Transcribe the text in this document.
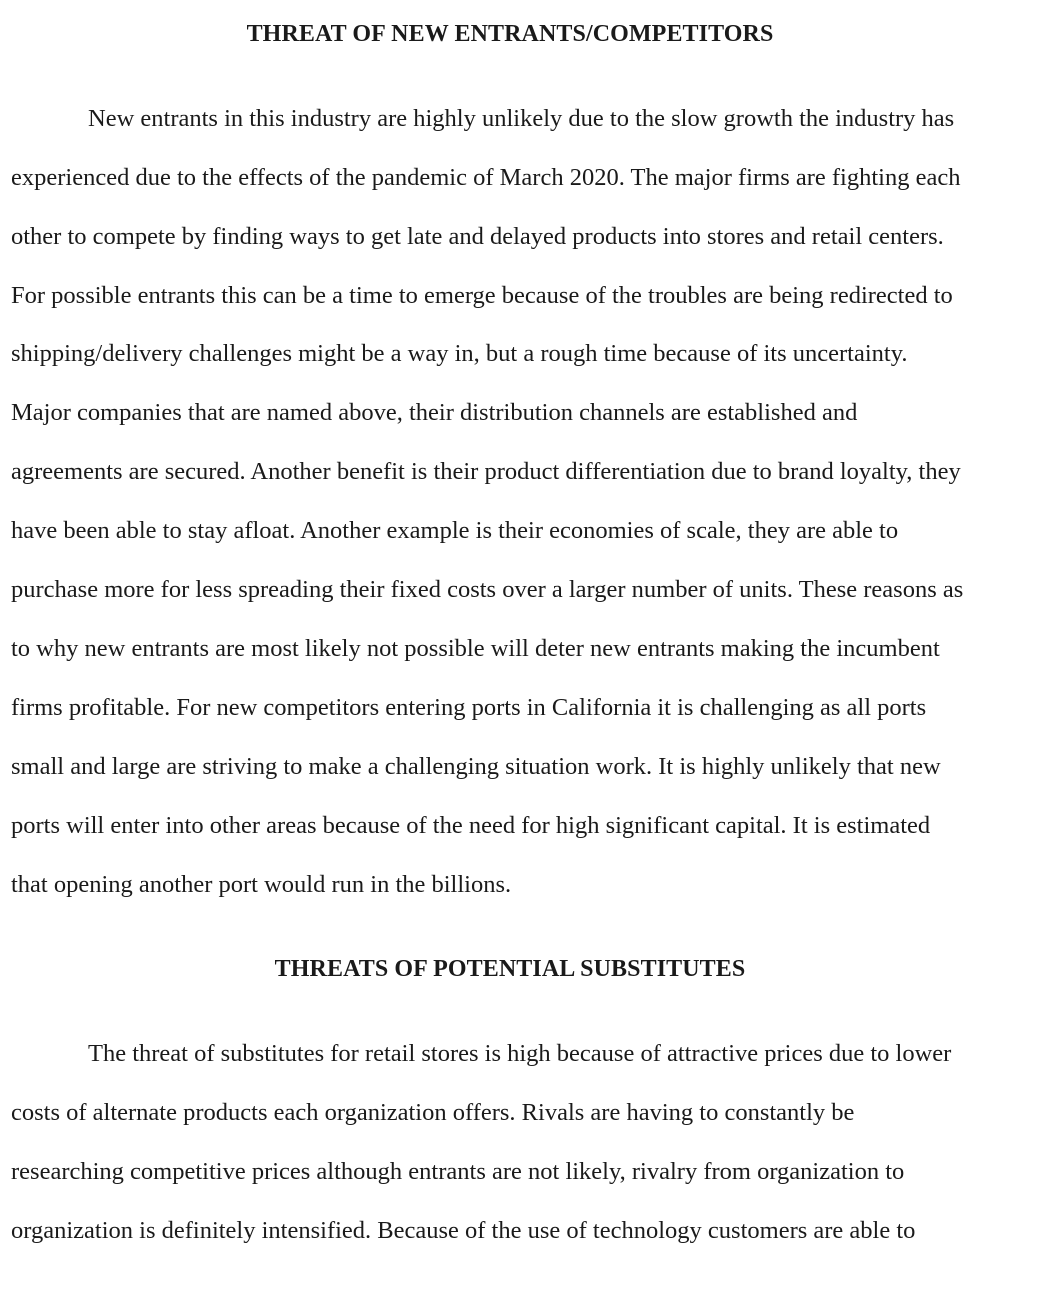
THREAT OF NEW ENTRANTS/COMPETITORS
New entrants in this industry are highly unlikely due to the slow growth the industry has
experienced due to the effects of the pandemic of March 2020. The major firms are fighting each
other to compete by finding ways to get late and delayed products into stores and retail centers.
For possible entrants this can be a time to emerge because of the troubles are being redirected to
shipping/delivery challenges might be a way in, but a rough time because of its uncertainty.
Major companies that are named above, their distribution channels are established and
agreements are secured. Another benefit is their product differentiation due to brand loyalty, they
have been able to stay afloat. Another example is their economies of scale, they are able to
purchase more for less spreading their fixed costs over a larger number of units. These reasons as
to why new entrants are most likely not possible will deter new entrants making the incumbent
firms profitable. For new competitors entering ports in California it is challenging as all ports
small and large are striving to make a challenging situation work. It is highly unlikely that new
ports will enter into other areas because of the need for high significant capital. It is estimated
that opening another port would run in the billions.
THREATS OF POTENTIAL SUBSTITUTES
The threat of substitutes for retail stores is high because of attractive prices due to lower
costs of alternate products each organization offers. Rivals are having to constantly be
researching competitive prices although entrants are not likely, rivalry from organization to
organization is definitely intensified. Because of the use of technology customers are able to
